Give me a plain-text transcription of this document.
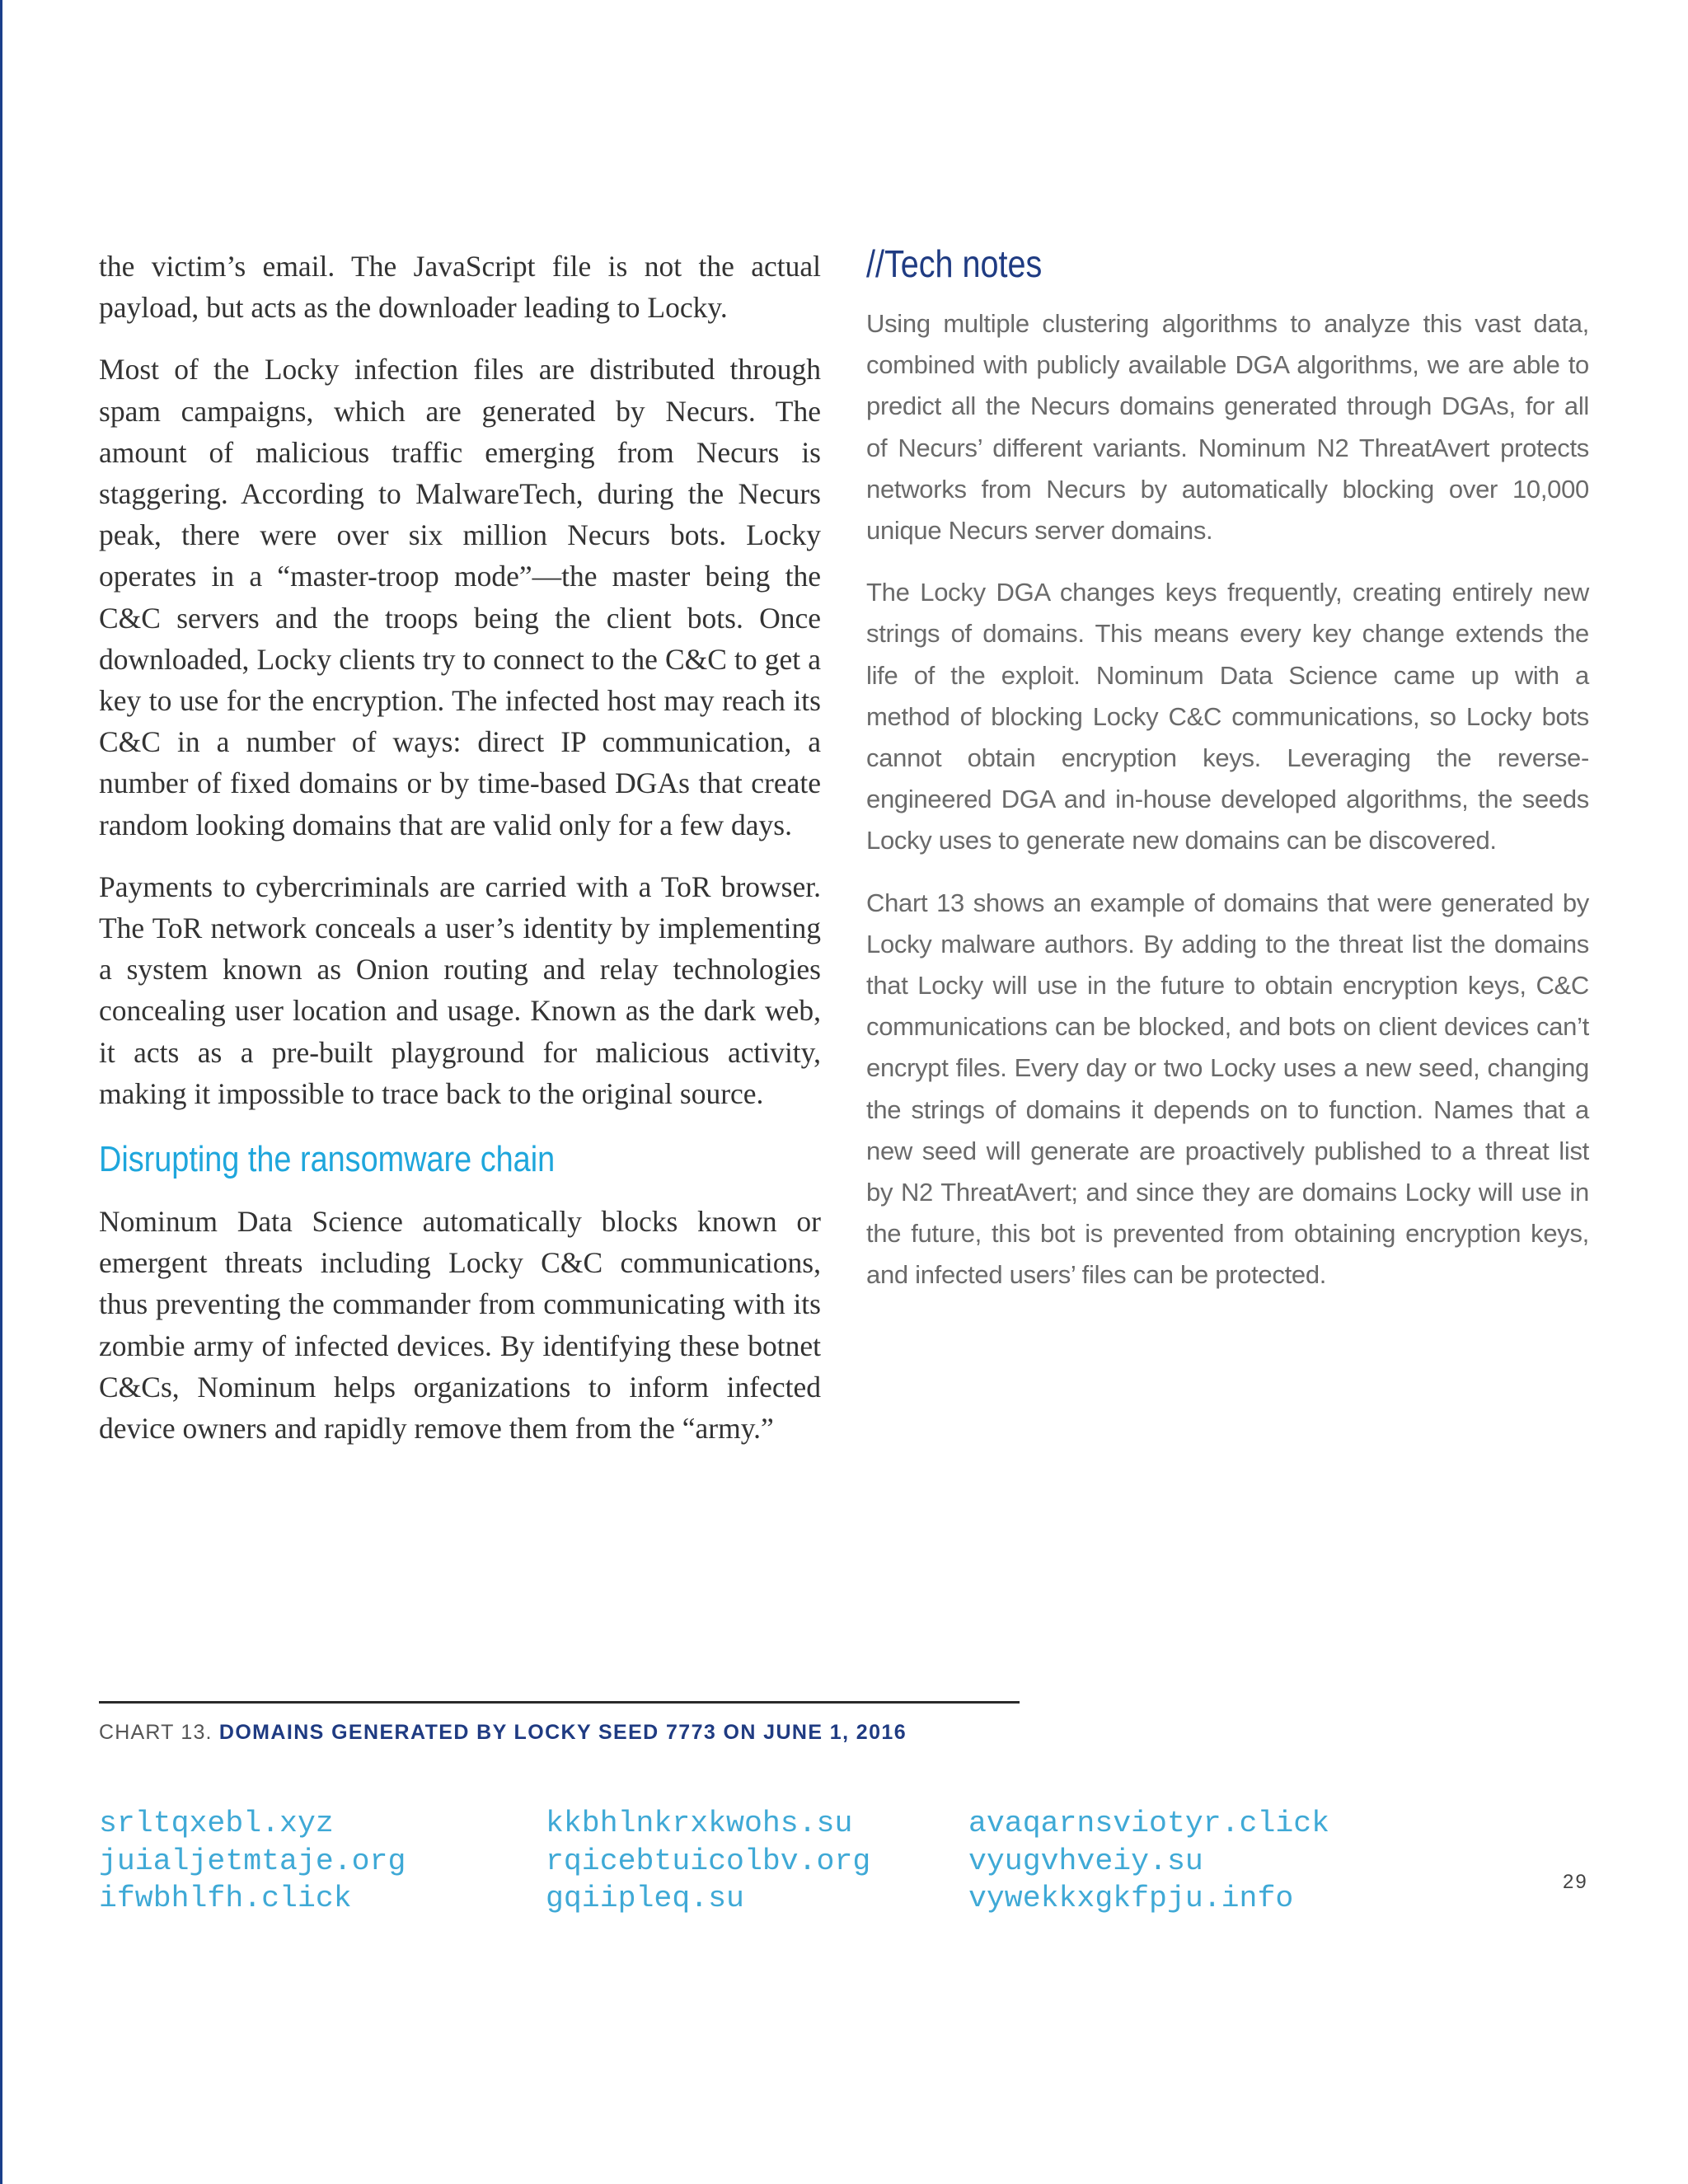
the victim’s email. The JavaScript file is not the actual payload, but acts as the downloader leading to Locky.

Most of the Locky infection files are distributed through spam campaigns, which are generated by Necurs. The amount of malicious traffic emerging from Necurs is staggering. According to MalwareTech, during the Necurs peak, there were over six million Necurs bots. Locky operates in a “master-troop mode”—the master being the C&C servers and the troops being the client bots. Once downloaded, Locky clients try to connect to the C&C to get a key to use for the encryption. The infected host may reach its C&C in a number of ways: direct IP communication, a number of fixed domains or by time-based DGAs that create random looking domains that are valid only for a few days.

Payments to cybercriminals are carried with a ToR browser. The ToR network conceals a user’s identity by implementing a system known as Onion routing and relay technologies concealing user location and usage. Known as the dark web, it acts as a pre-built playground for malicious activity, making it impossible to trace back to the original source.

Disrupting the ransomware chain

Nominum Data Science automatically blocks known or emergent threats including Locky C&C communications, thus preventing the commander from communicating with its zombie army of infected devices. By identifying these botnet C&Cs, Nominum helps organizations to inform infected device owners and rapidly remove them from the “army.”

//Tech notes

Using multiple clustering algorithms to analyze this vast data, combined with publicly available DGA algorithms, we are able to predict all the Necurs domains generated through DGAs, for all of Necurs’ different variants. Nominum N2 ThreatAvert protects networks from Necurs by automatically blocking over 10,000 unique Necurs server domains.

The Locky DGA changes keys frequently, creating entirely new strings of domains. This means every key change extends the life of the exploit. Nominum Data Science came up with a method of blocking Locky C&C communications, so Locky bots cannot obtain encryption keys. Leveraging the reverse-engineered DGA and in-house developed algorithms, the seeds Locky uses to generate new domains can be discovered.

Chart 13 shows an example of domains that were generated by Locky malware authors. By adding to the threat list the domains that Locky will use in the future to obtain encryption keys, C&C communications can be blocked, and bots on client devices can’t encrypt files. Every day or two Locky uses a new seed, changing the strings of domains it depends on to function. Names that a new seed will generate are proactively published to a threat list by N2 ThreatAvert; and since they are domains Locky will use in the future, this bot is prevented from obtaining encryption keys, and infected users’ files can be protected.

CHART 13. DOMAINS GENERATED BY LOCKY SEED 7773 ON JUNE 1, 2016
srltqxebl.xyz
juialjetmtaje.org
ifwbhlfh.click
kkbhlnkrxkwohs.su
rqicebtuicolbv.org
gqiipleq.su
avaqarnsviotyr.click
vyugvhveiy.su
vywekkxgkfpju.info	29
